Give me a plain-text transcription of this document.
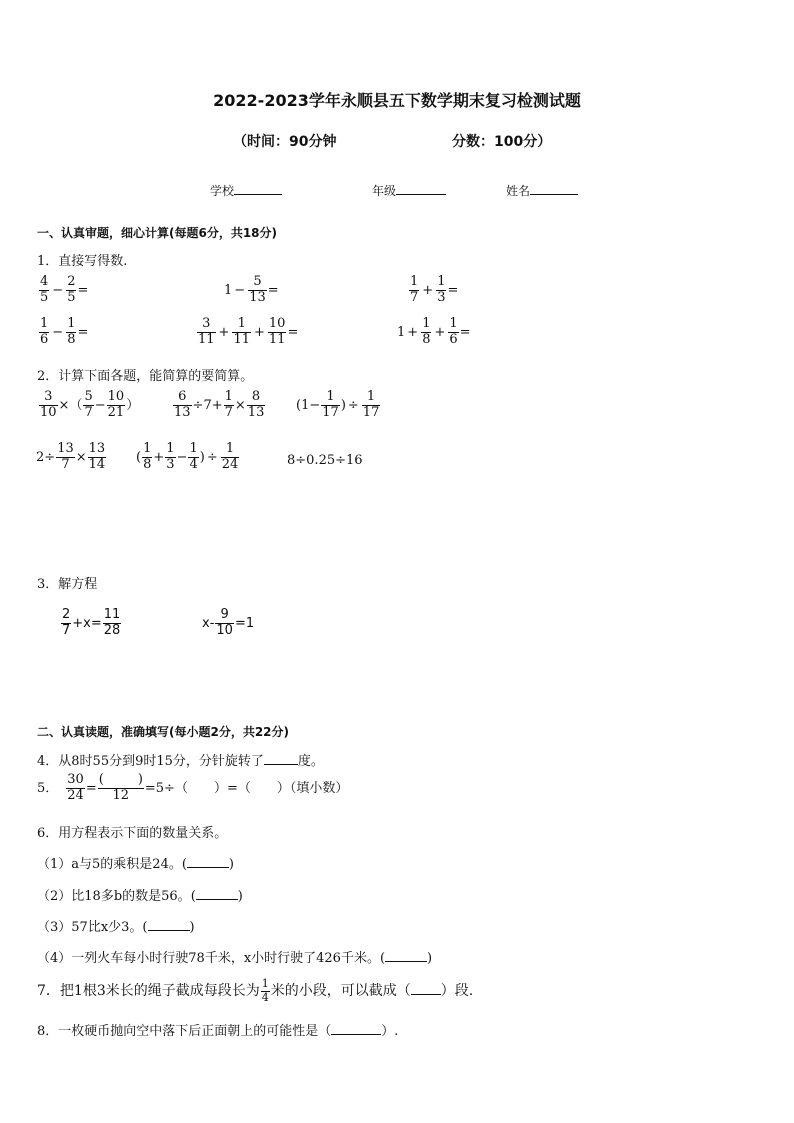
2022-2023学年永顺县五下数学期末复习检测试题
（时间：90分钟	分数：100分）
学校	年级	姓名
一、认真审题，细心计算(每题6分，共18分)
1．直接写得数.
$\frac{4}{5} - \frac{2}{5}$ =	$1 - \frac{5}{13}$ =	$\frac{1}{7} + \frac{1}{3}$ =
$\frac{1}{6} - \frac{1}{8}$ =	$\frac{3}{11} + \frac{1}{11} + \frac{10}{11}$ =	$1 + \frac{1}{8} + \frac{1}{6}$ =
2．计算下面各题，能简算的要简算。
$\frac{3}{10}$ ×（ $\frac{5}{7} - \frac{10}{21}$ ）	$\frac{6}{13} \div 7+ \frac{1}{7} \times \frac{8}{13} (1- \frac{1}{17}$ ) ÷ $\frac{1}{17}$
$2\div \frac{13}{7} \times \frac{13}{14}$ ( $\frac{1}{8} + \frac{1}{3} - \frac{1}{4}$ ) ÷ $\frac{1}{24}$	8÷0.25÷16
3．解方程
$\frac{2}{7} +x= \frac{11}{28}$	$x- \frac{9}{10} =1$
二、认真读题，准确填写(每小题2分，共22分)
4．从8时55分到9时15分，分针旋转了	度。
5． $\frac{30}{24}$ = (	)
12 =5÷（　　）=（　　）（填小数）
6．用方程表示下面的数量关系。
（1）a与5的乘积是24。(	)
（2）比18多b的数是56。(	)
（3）57比x少3。(	)
（4）一列火车每小时行驶78千米，x小时行驶了426千米。(	)
7．把1根3米长的绳子截成每段长为 $\frac{1}{4}$ 米的小段，可以截成（ ）段.
8．一枚硬币抛向空中落下后正面朝上的可能性是（	）.
